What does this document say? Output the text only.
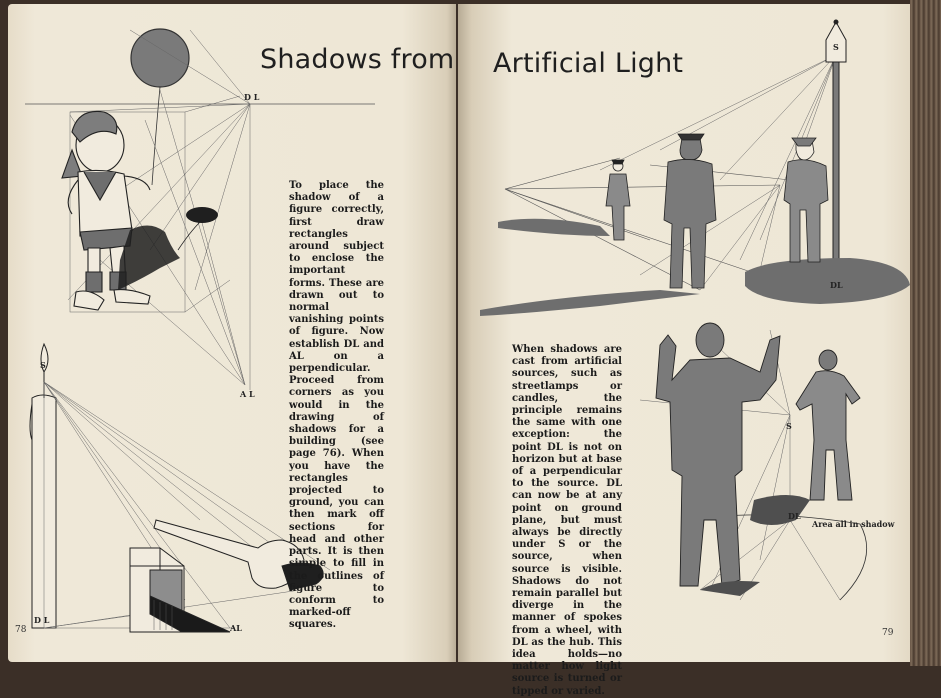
Shadows from Artificial Light

To place the shadow of a figure correctly, first draw rectangles around subject to enclose the important forms. These are drawn out to normal vanishing points of figure. Now establish DL and AL on a perpendicular. Proceed from corners as you would in the drawing of shadows for a building (see page 76). When you have the rectangles projected to ground, you can then mark off sections for head and other parts. It is then simple to fill in the outlines of figure to conform to marked-off squares.

When shadows are cast from artificial sources, such as streetlamps or candles, the principle remains the same with one exception: the point DL is not on horizon but at base of a perpendicular to the source. DL can now be at any point on ground plane, but must always be directly under S or the source, when source is visible. Shadows do not remain parallel but diverge in the manner of spokes from a wheel, with DL as the hub. This idea holds—no matter how light source is turned or tipped or varied.

78	79
D L
A L
S
D L
AL
S
DL
S
DL
Area all in shadow
